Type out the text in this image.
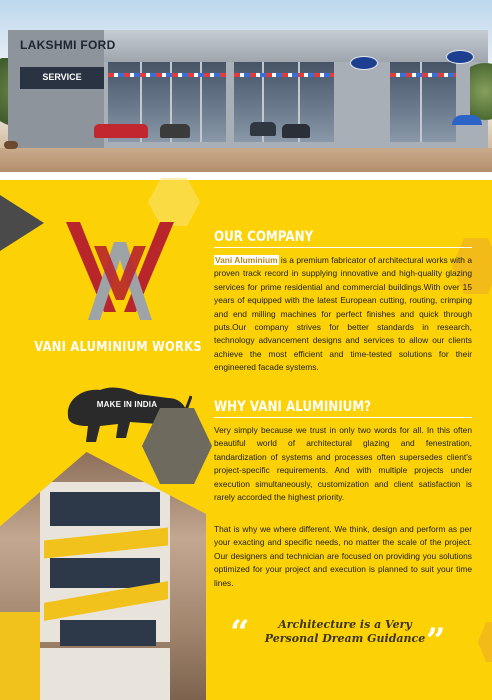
LAKSHMI FORD
SERVICE
VANI ALUMINIUM WORKS
MAKE IN INDIA
OUR COMPANY
Vani Aluminium is a premium fabricator of architectural works with a proven track record in supplying innovative and high-quality glazing services for prime residential and commercial buildings.With over 15 years of equipped with the latest European cutting, routing, crimping and end milling machines for perfect finishes and quick through puts.Our company strives for better standards in research, technology advancement designs and services to allow our clients achieve the most efficient and time-tested solutions for their engineered facade systems.
WHY VANI ALUMINIUM?
Very simply because we trust in only two words for all. In this often beautiful world of architectural glazing and fenestration, tandardization of systems and processes often supersedes client's project-specific requirements. And with multiple projects under execution simultaneously, customization and client satisfaction is rarely accorded the highest priority.
That is why we where different. We think, design and perform as per your exacting and specific needs, no matter the scale of the project. Our designers and technician are focused on providing you solutions optimized for your project and execution is planned to suit your time lines.
“	Architecture is a Very
Personal Dream Guidance ”
